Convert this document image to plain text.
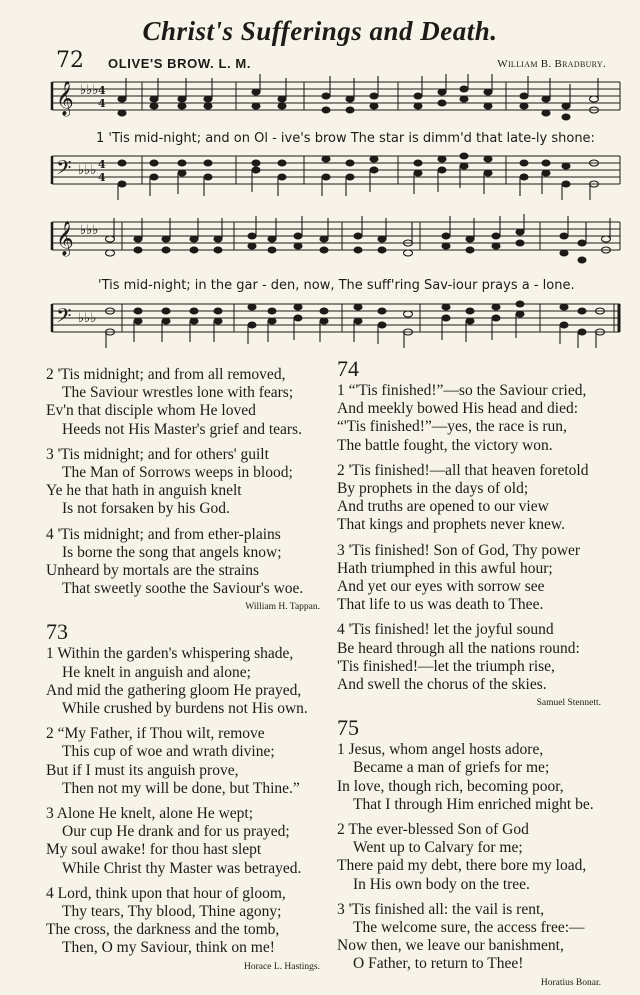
Christ's Sufferings and Death.
72 OLIVE'S BROW. L. M.	William B. Bradbury.
𝄞 ♭♭♭ 4
4
1 'Tis mid-night; and on Ol - ive's brow The star is dimm'd that late-ly shone:
𝄢 ♭♭♭ 4
4
𝄞 ♭♭♭
'Tis mid-night; in the gar - den, now, The suff'ring Sav-iour prays a - lone.
𝄢 ♭♭♭
2 'Tis midnight; and from all removed,
The Saviour wrestles lone with fears;
Ev'n that disciple whom He loved
Heeds not His Master's grief and tears.
3 'Tis midnight; and for others' guilt
The Man of Sorrows weeps in blood;
Ye he that hath in anguish knelt
Is not forsaken by his God.
4 'Tis midnight; and from ether-plains
Is borne the song that angels know;
Unheard by mortals are the strains
That sweetly soothe the Saviour's woe.
William H. Tappan.
73
1 Within the garden's whispering shade,
He knelt in anguish and alone;
And mid the gathering gloom He prayed,
While crushed by burdens not His own.
2 “My Father, if Thou wilt, remove
This cup of woe and wrath divine;
But if I must its anguish prove,
Then not my will be done, but Thine.”
3 Alone He knelt, alone He wept;
Our cup He drank and for us prayed;
My soul awake! for thou hast slept
While Christ thy Master was betrayed.
4 Lord, think upon that hour of gloom,
Thy tears, Thy blood, Thine agony;
The cross, the darkness and the tomb,
Then, O my Saviour, think on me!
Horace L. Hastings.
74
1 “'Tis finished!”—so the Saviour cried,
And meekly bowed His head and died:
“'Tis finished!”—yes, the race is run,
The battle fought, the victory won.
2 'Tis finished!—all that heaven foretold
By prophets in the days of old;
And truths are opened to our view
That kings and prophets never knew.
3 'Tis finished! Son of God, Thy power
Hath triumphed in this awful hour;
And yet our eyes with sorrow see
That life to us was death to Thee.
4 'Tis finished! let the joyful sound
Be heard through all the nations round:
'Tis finished!—let the triumph rise,
And swell the chorus of the skies.
Samuel Stennett.
75
1 Jesus, whom angel hosts adore,
Became a man of griefs for me;
In love, though rich, becoming poor,
That I through Him enriched might be.
2 The ever-blessed Son of God
Went up to Calvary for me;
There paid my debt, there bore my load,
In His own body on the tree.
3 'Tis finished all: the vail is rent,
The welcome sure, the access free:—
Now then, we leave our banishment,
O Father, to return to Thee!
Horatius Bonar.
